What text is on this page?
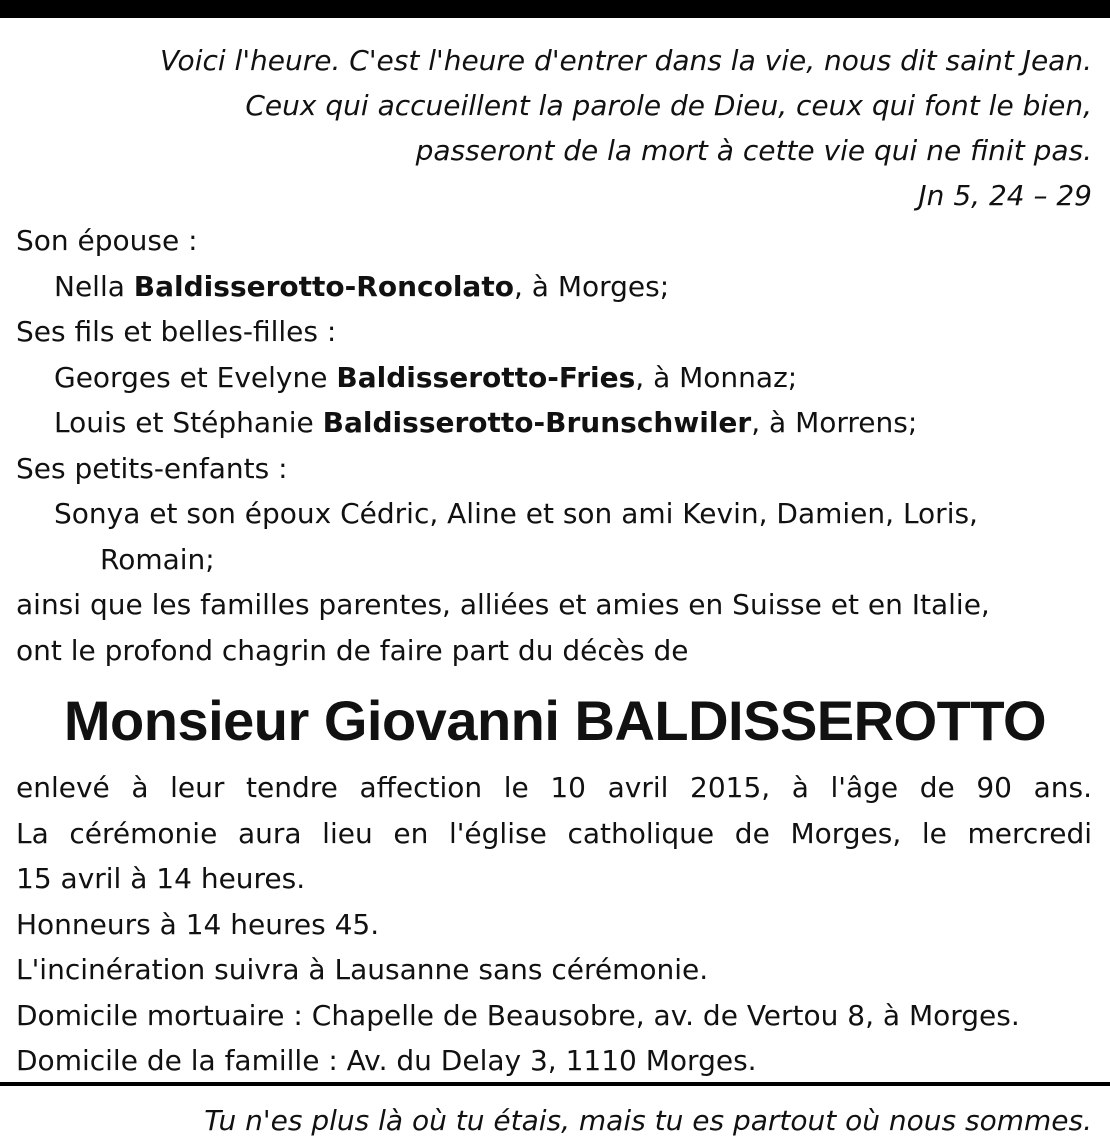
Voici l'heure. C'est l'heure d'entrer dans la vie, nous dit saint Jean.
Ceux qui accueillent la parole de Dieu, ceux qui font le bien,
passeront de la mort à cette vie qui ne finit pas.
Jn 5, 24 – 29
Son épouse :
Nella Baldisserotto-Roncolato, à Morges;
Ses fils et belles-filles :
Georges et Evelyne Baldisserotto-Fries, à Monnaz;
Louis et Stéphanie Baldisserotto-Brunschwiler, à Morrens;
Ses petits-enfants :
Sonya et son époux Cédric, Aline et son ami Kevin, Damien, Loris,
Romain;
ainsi que les familles parentes, alliées et amies en Suisse et en Italie,
ont le profond chagrin de faire part du décès de
Monsieur Giovanni BALDISSEROTTO
enlevé à leur tendre affection le 10 avril 2015, à l'âge de 90 ans.
La cérémonie aura lieu en l'église catholique de Morges, le mercredi
15 avril à 14 heures.
Honneurs à 14 heures 45.
L'incinération suivra à Lausanne sans cérémonie.
Domicile mortuaire : Chapelle de Beausobre, av. de Vertou 8, à Morges.
Domicile de la famille : Av. du Delay 3, 1110 Morges.
Tu n'es plus là où tu étais, mais tu es partout où nous sommes.
